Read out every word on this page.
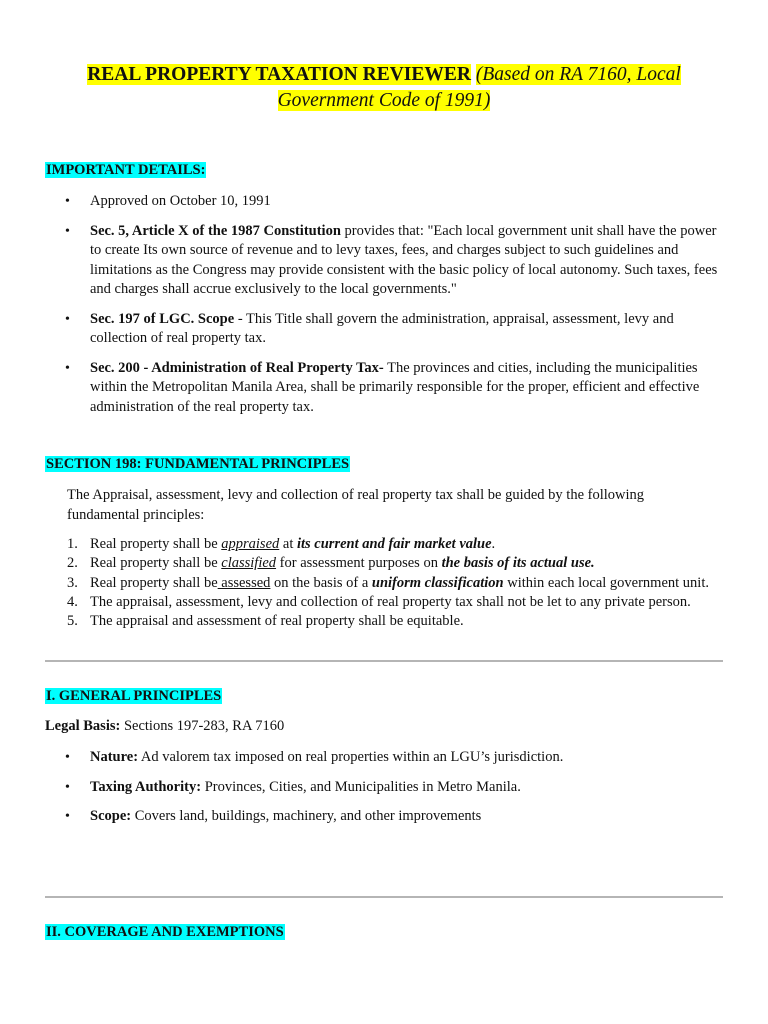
REAL PROPERTY TAXATION REVIEWER (Based on RA 7160, Local Government Code of 1991)
IMPORTANT DETAILS:
• Approved on October 10, 1991
• Sec. 5, Article X of the 1987 Constitution provides that: "Each local government unit shall have the power to create Its own source of revenue and to levy taxes, fees, and charges subject to such guidelines and limitations as the Congress may provide consistent with the basic policy of local autonomy. Such taxes, fees and charges shall accrue exclusively to the local governments."
• Sec. 197 of LGC. Scope - This Title shall govern the administration, appraisal, assessment, levy and collection of real property tax.
• Sec. 200 - Administration of Real Property Tax- The provinces and cities, including the municipalities within the Metropolitan Manila Area, shall be primarily responsible for the proper, efficient and effective administration of the real property tax.
SECTION 198: FUNDAMENTAL PRINCIPLES
The Appraisal, assessment, levy and collection of real property tax shall be guided by the following fundamental principles:
1. Real property shall be appraised at its current and fair market value.
2. Real property shall be classified for assessment purposes on the basis of its actual use.
3. Real property shall be assessed on the basis of a uniform classification within each local government unit.
4. The appraisal, assessment, levy and collection of real property tax shall not be let to any private person.
5. The appraisal and assessment of real property shall be equitable.
I. GENERAL PRINCIPLES
Legal Basis: Sections 197-283, RA 7160
• Nature: Ad valorem tax imposed on real properties within an LGU’s jurisdiction.
• Taxing Authority: Provinces, Cities, and Municipalities in Metro Manila.
• Scope: Covers land, buildings, machinery, and other improvements
II. COVERAGE AND EXEMPTIONS
